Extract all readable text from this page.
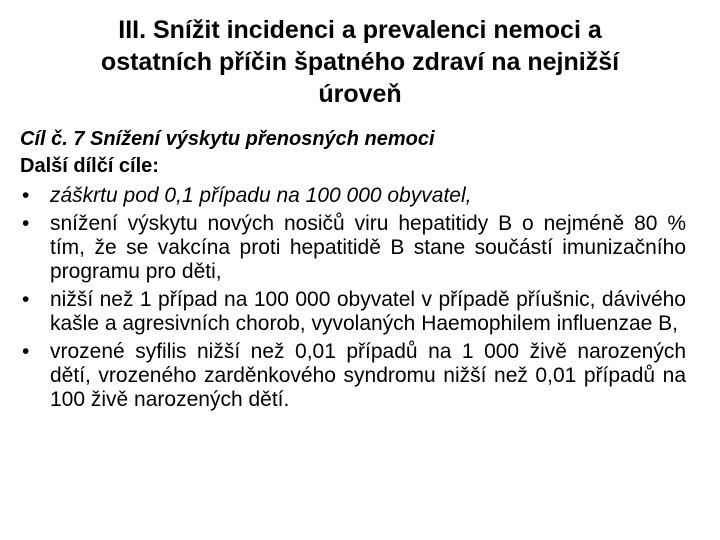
III. Snížit incidenci a prevalenci nemoci a
ostatních příčin špatného zdraví na nejnižší
úroveň

Cíl č. 7 Snížení výskytu přenosných nemoci

Další dílčí cíle:

• záškrtu pod 0,1 případu na 100 000 obyvatel,
• snížení výskytu nových nosičů viru hepatitidy B o nejméně 80 % tím, že se vakcína proti hepatitidě B stane součástí imunizačního programu pro děti,
• nižší než 1 případ na 100 000 obyvatel v případě příušnic, dávivého kašle a agresivních chorob, vyvolaných Haemophilem influenzae B,
• vrozené syfilis nižší než 0,01 případů na 1 000 živě narozených dětí, vrozeného zarděnkového syndromu nižší než 0,01 případů na 100 živě narozených dětí.
